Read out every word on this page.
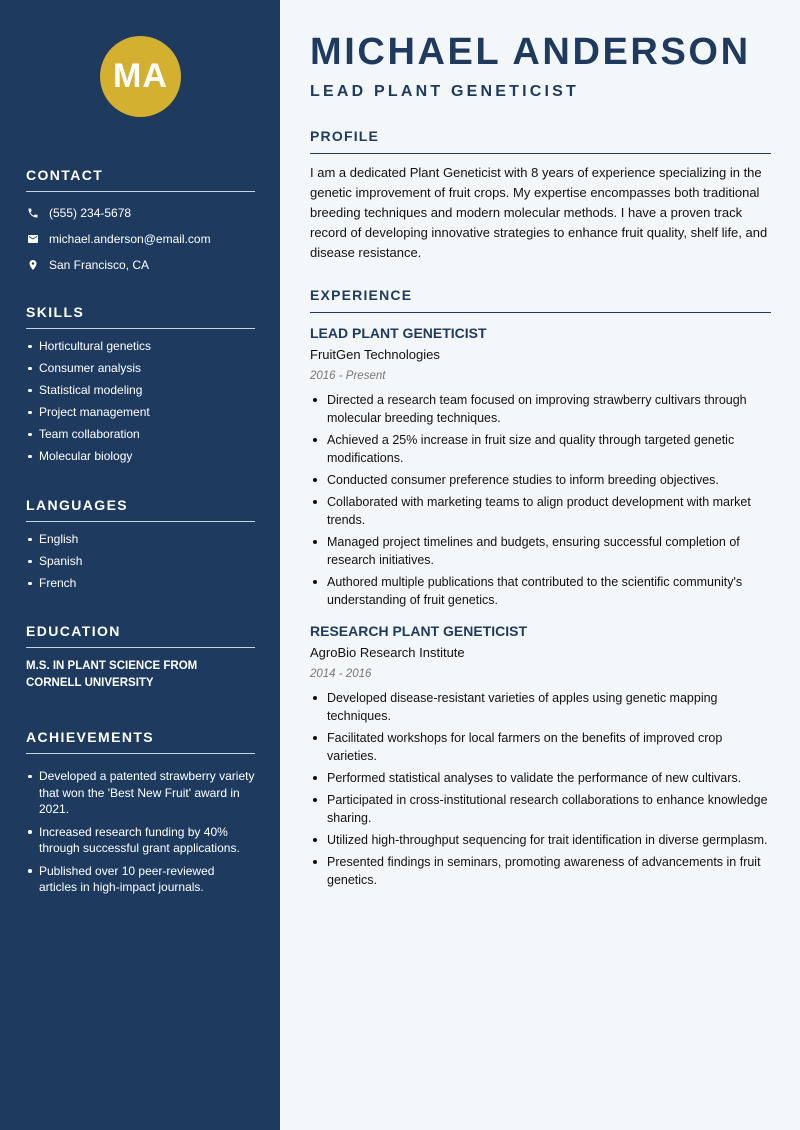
MA
CONTACT
(555) 234-5678
michael.anderson@email.com
San Francisco, CA
SKILLS
Horticultural genetics
Consumer analysis
Statistical modeling
Project management
Team collaboration
Molecular biology
LANGUAGES
English
Spanish
French
EDUCATION
M.S. IN PLANT SCIENCE FROM CORNELL UNIVERSITY
ACHIEVEMENTS
Developed a patented strawberry variety that won the 'Best New Fruit' award in 2021.
Increased research funding by 40% through successful grant applications.
Published over 10 peer-reviewed articles in high-impact journals.
MICHAEL ANDERSON
LEAD PLANT GENETICIST
PROFILE

I am a dedicated Plant Geneticist with 8 years of experience specializing in the genetic improvement of fruit crops. My expertise encompasses both traditional breeding techniques and modern molecular methods. I have a proven track record of developing innovative strategies to enhance fruit quality, shelf life, and disease resistance.

EXPERIENCE
LEAD PLANT GENETICIST
FruitGen Technologies
2016 - Present
Directed a research team focused on improving strawberry cultivars through molecular breeding techniques.
Achieved a 25% increase in fruit size and quality through targeted genetic modifications.
Conducted consumer preference studies to inform breeding objectives.
Collaborated with marketing teams to align product development with market trends.
Managed project timelines and budgets, ensuring successful completion of research initiatives.
Authored multiple publications that contributed to the scientific community's understanding of fruit genetics.
RESEARCH PLANT GENETICIST
AgroBio Research Institute
2014 - 2016
Developed disease-resistant varieties of apples using genetic mapping techniques.
Facilitated workshops for local farmers on the benefits of improved crop varieties.
Performed statistical analyses to validate the performance of new cultivars.
Participated in cross-institutional research collaborations to enhance knowledge sharing.
Utilized high-throughput sequencing for trait identification in diverse germplasm.
Presented findings in seminars, promoting awareness of advancements in fruit genetics.
